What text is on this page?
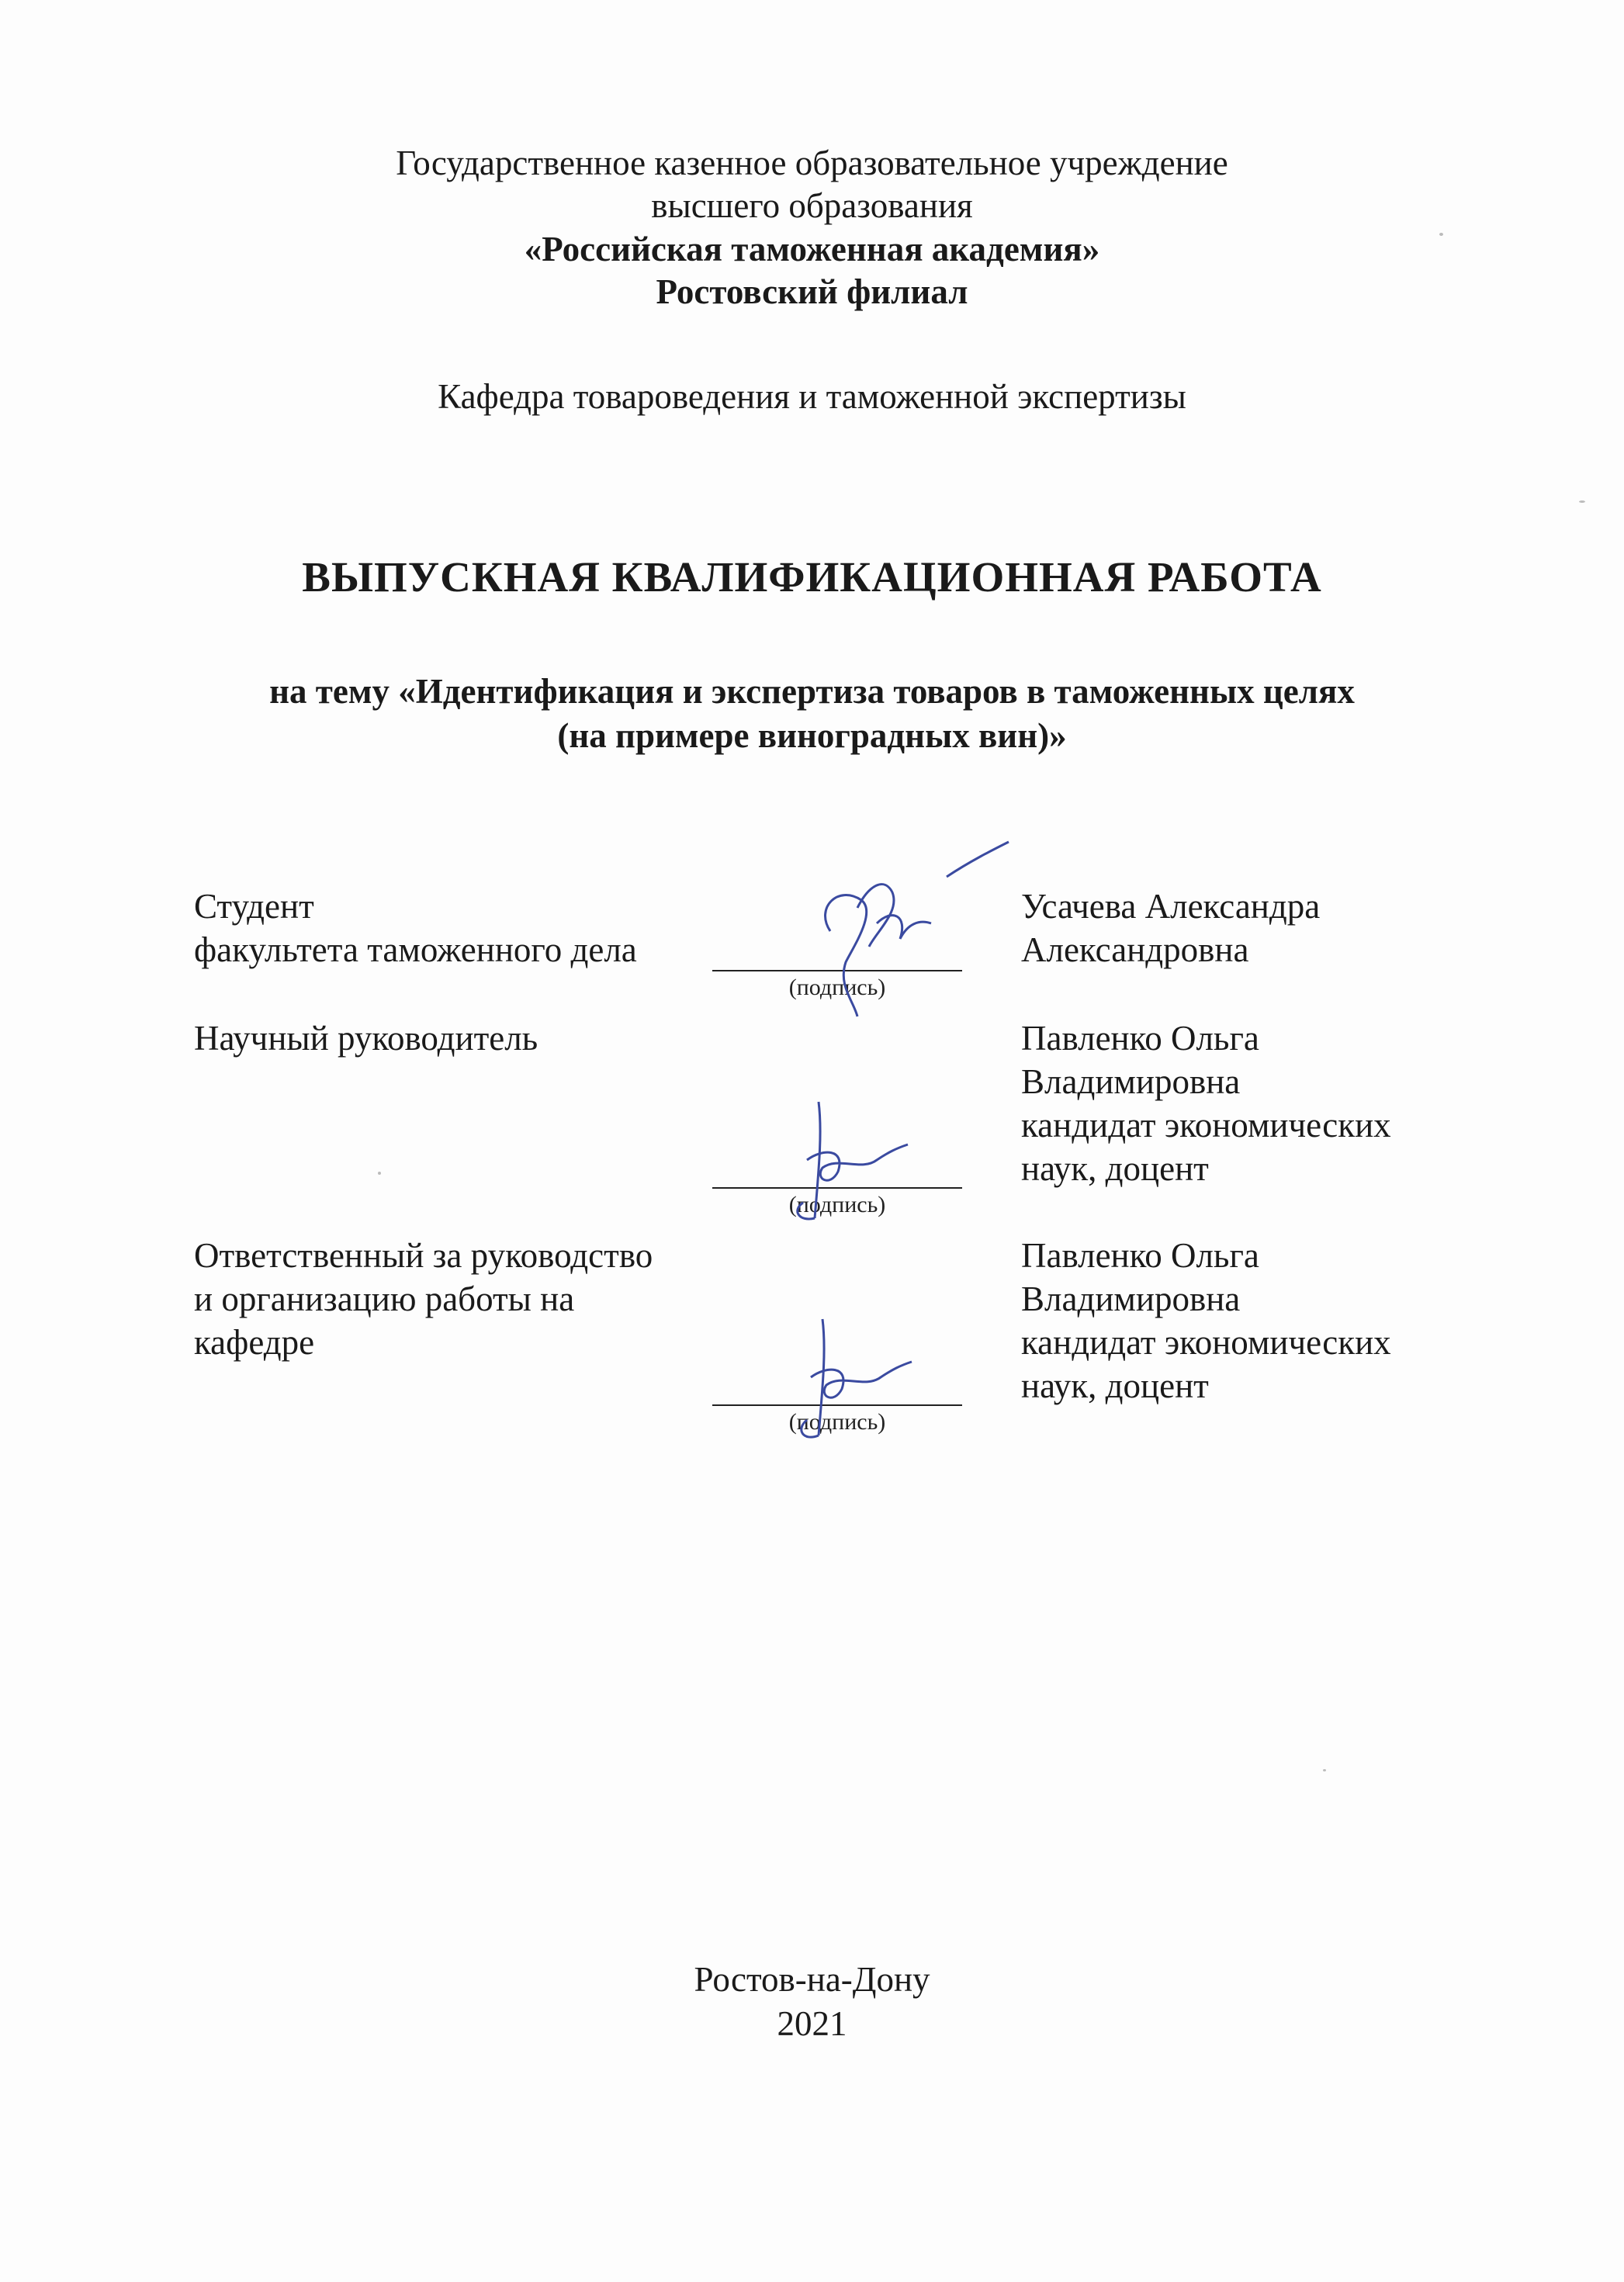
Государственное казенное образовательное учреждение
высшего образования
«Российская таможенная академия»
Ростовский филиал
Кафедра товароведения и таможенной экспертизы
ВЫПУСКНАЯ КВАЛИФИКАЦИОННАЯ РАБОТА
на тему «Идентификация и экспертиза товаров в таможенных целях
(на примере виноградных вин)»
Студент
факультета таможенного дела
(подпись)
Усачева Александра
Александровна
Научный руководитель
(подпись)
Павленко Ольга
Владимировна
кандидат экономических
наук, доцент
Ответственный за руководство
и организацию работы на
кафедре
(подпись)
Павленко Ольга
Владимировна
кандидат экономических
наук, доцент
Ростов-на-Дону
2021
